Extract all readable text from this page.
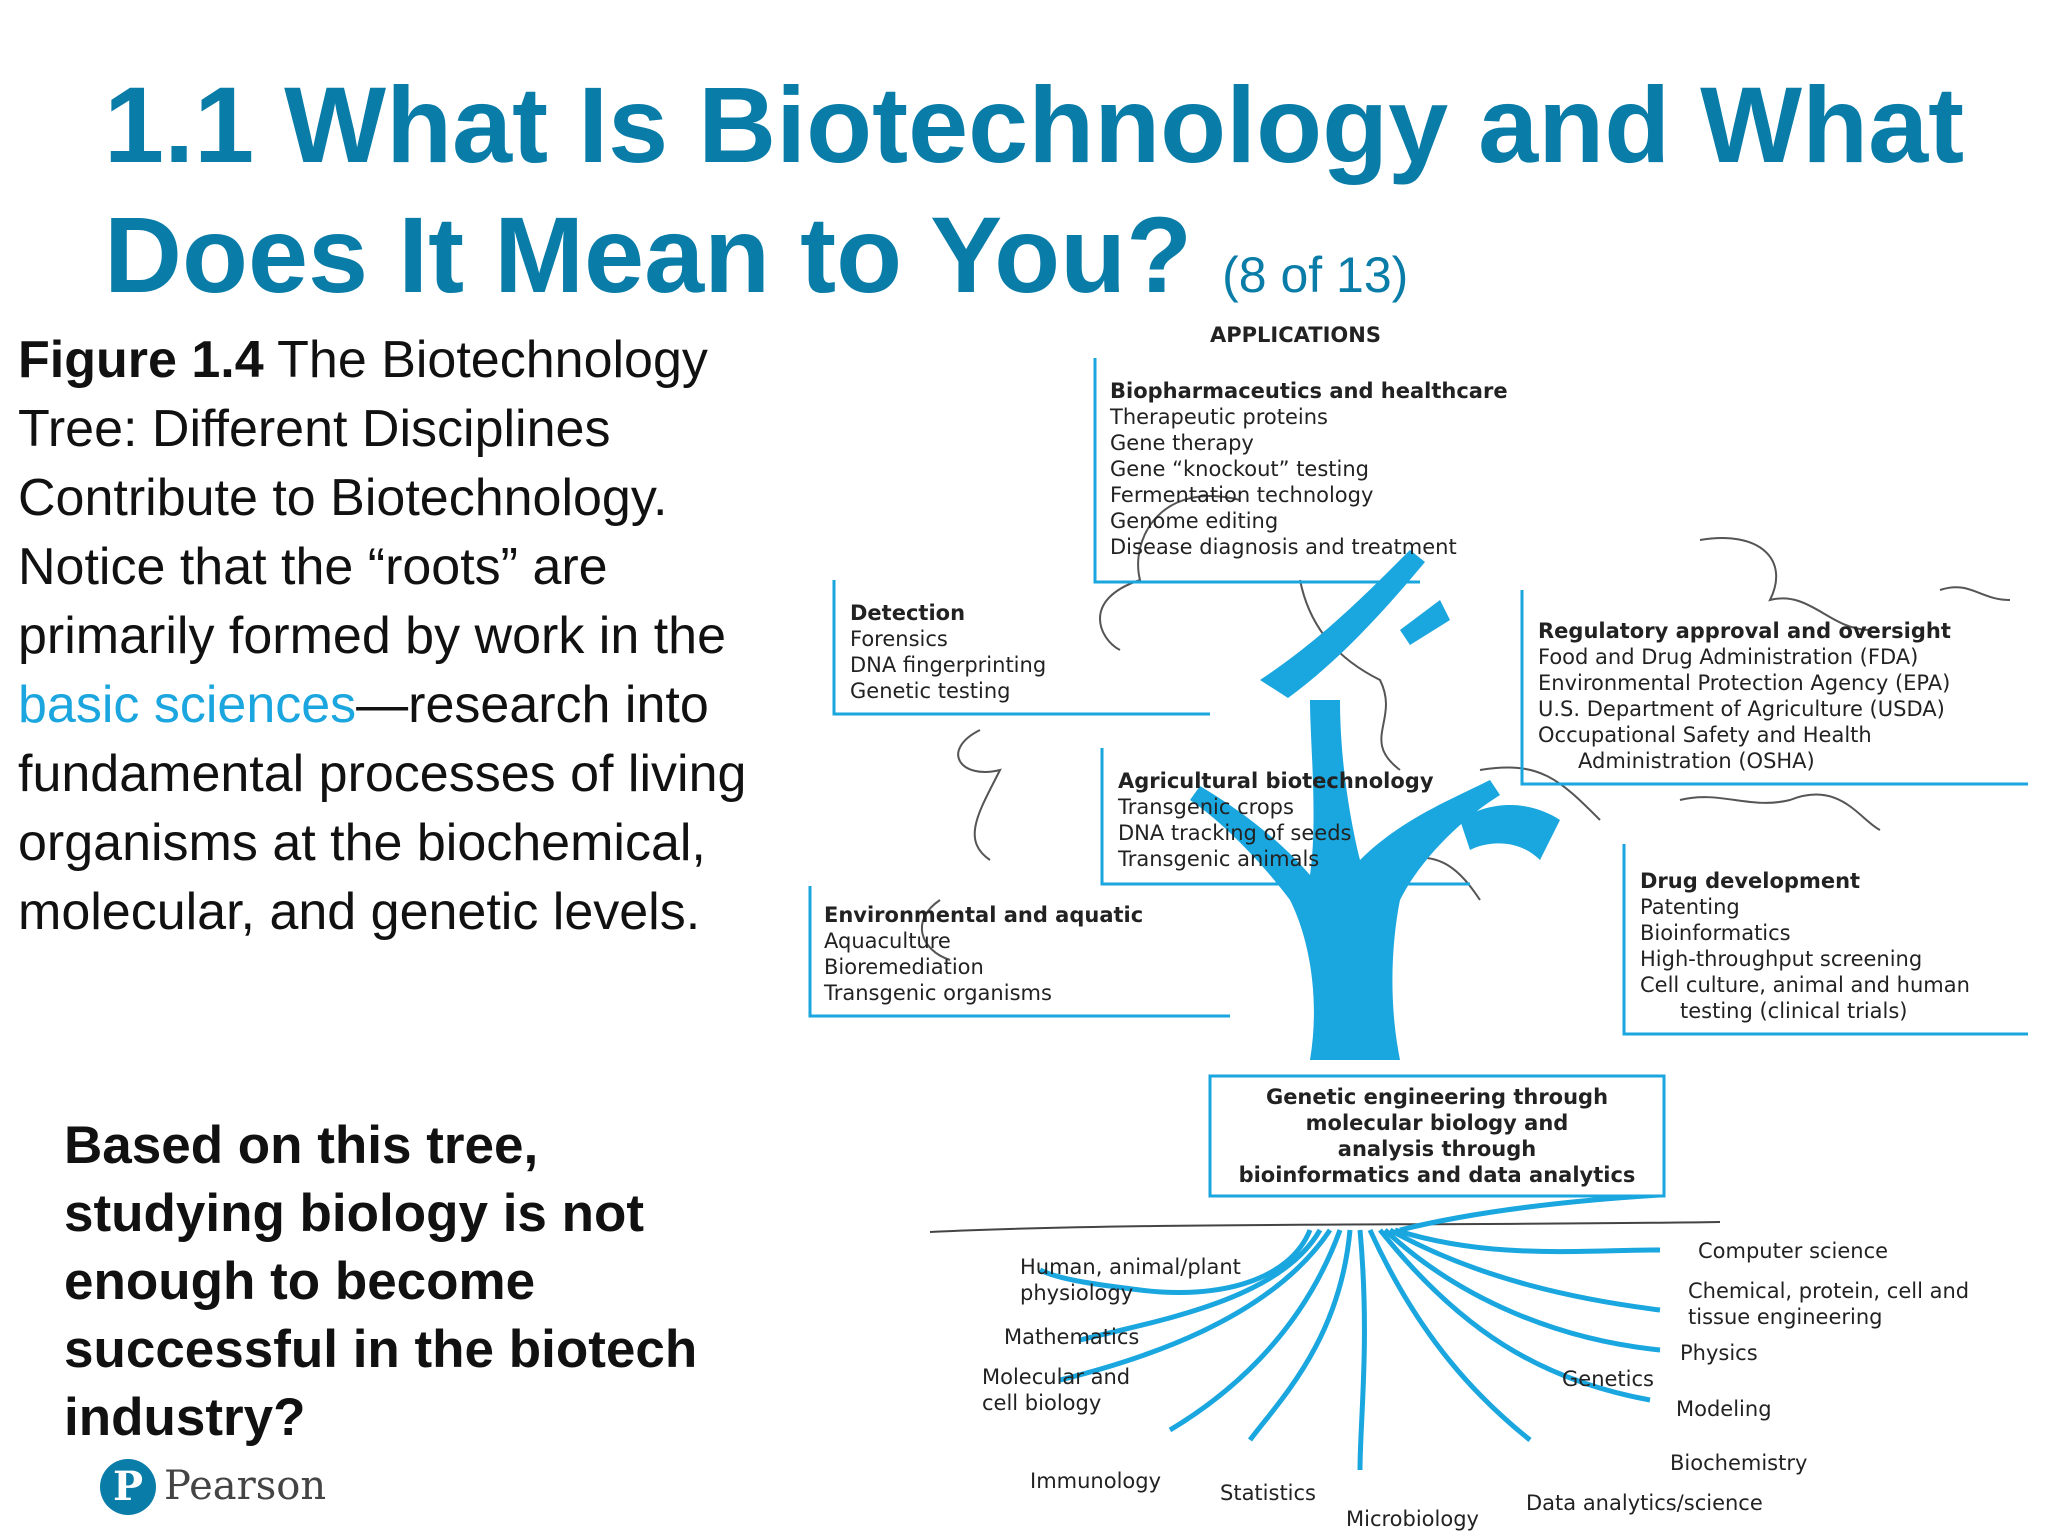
1.1 What Is Biotechnology and What Does It Mean to You? (8 of 13)
Figure 1.4 The Biotechnology Tree: Different Disciplines Contribute to Biotechnology. Notice that the “roots” are primarily formed by work in the basic sciences—research into fundamental processes of living organisms at the biochemical, molecular, and genetic levels.

Based on this tree, studying biology is not enough to become successful in the biotech industry?

P Pearson
APPLICATIONS
Biopharmaceutics and healthcare
Therapeutic proteins
Gene therapy
Gene “knockout” testing
Fermentation technology
Genome editing
Disease diagnosis and treatment
Detection
Forensics
DNA fingerprinting
Genetic testing
Regulatory approval and oversight
Food and Drug Administration (FDA)
Environmental Protection Agency (EPA)
U.S. Department of Agriculture (USDA)
Occupational Safety and Health
Administration (OSHA)
Agricultural biotechnology
Transgenic crops
DNA tracking of seeds
Transgenic animals
Environmental and aquatic
Aquaculture
Bioremediation
Transgenic organisms
Drug development
Patenting
Bioinformatics
High-throughput screening
Cell culture, animal and human
testing (clinical trials)
Genetic engineering through
molecular biology and
analysis through
bioinformatics and data analytics
Human, animal/plant
physiology
Mathematics
Molecular and
cell biology
Immunology	Statistics
Microbiology
Data analytics/science
Biochemistry
Modeling
Genetics
Physics
Chemical, protein, cell and
tissue engineering
Computer science
